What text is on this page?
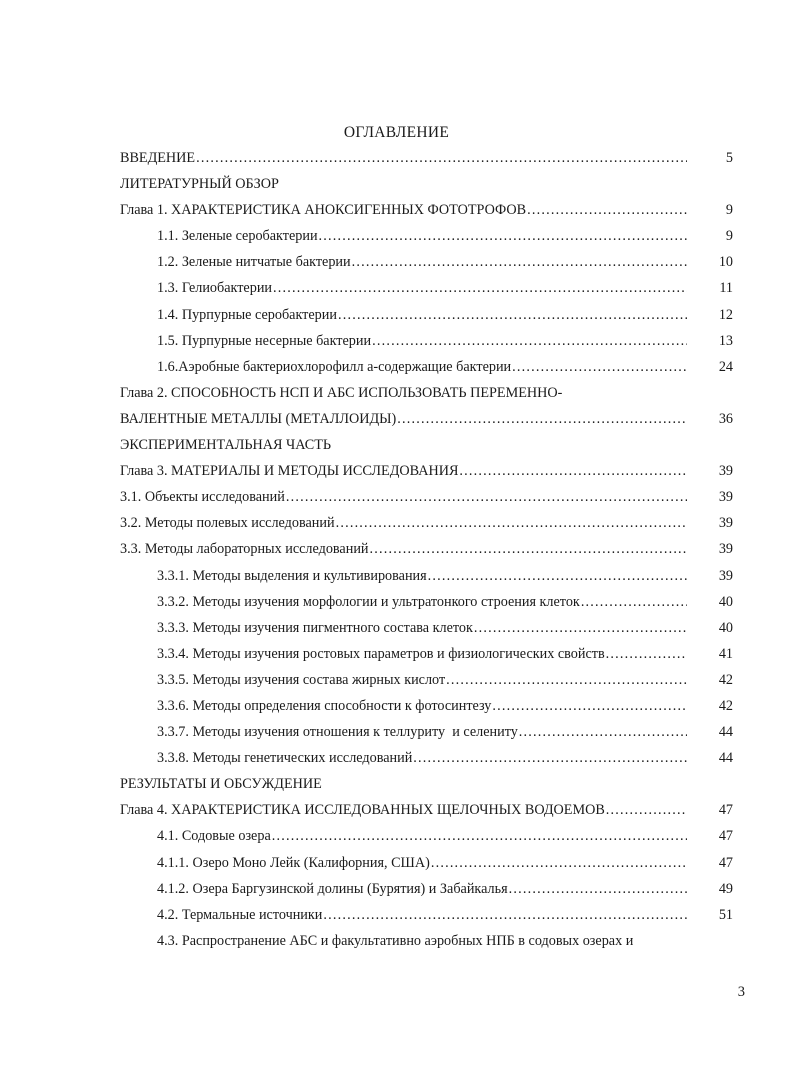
ОГЛАВЛЕНИЕ
ВВЕДЕНИЕ .....	5
ЛИТЕРАТУРНЫЙ ОБЗОР
Глава 1. ХАРАКТЕРИСТИКА АНОКСИГЕННЫХ ФОТОТРОФОВ .....	9
1.1. Зеленые серобактерии .....	9
1.2. Зеленые нитчатые бактерии .....	10
1.3. Гелиобактерии .....	11
1.4. Пурпурные серобактерии .....	12
1.5. Пурпурные несерные бактерии .....	13
1.6.Аэробные бактериохлорофилл а-содержащие бактерии .....	24
Глава 2. СПОСОБНОСТЬ НСП И АБС ИСПОЛЬЗОВАТЬ ПЕРЕМЕННО-
ВАЛЕНТНЫЕ МЕТАЛЛЫ (МЕТАЛЛОИДЫ) .....	36
ЭКСПЕРИМЕНТАЛЬНАЯ ЧАСТЬ
Глава 3. МАТЕРИАЛЫ И МЕТОДЫ ИССЛЕДОВАНИЯ .....	39
3.1. Объекты исследований .....	39
3.2. Методы полевых исследований .....	39
3.3. Методы лабораторных исследований .....	39
3.3.1. Методы выделения и культивирования .....	39
3.3.2. Методы изучения морфологии и ультратонкого строения клеток .....	40
3.3.3. Методы изучения пигментного состава клеток .....	40
3.3.4. Методы изучения ростовых параметров и физиологических свойств .....	41
3.3.5. Методы изучения состава жирных кислот .....	42
3.3.6. Методы определения способности к фотосинтезу .....	42
3.3.7. Методы изучения отношения к теллуриту  и селениту .....	44
3.3.8. Методы генетических исследований .....	44
РЕЗУЛЬТАТЫ И ОБСУЖДЕНИЕ
Глава 4. ХАРАКТЕРИСТИКА ИССЛЕДОВАННЫХ ЩЕЛОЧНЫХ ВОДОЕМОВ .....	47
4.1. Содовые озера .....	47
4.1.1. Озеро Моно Лейк (Калифорния, США) .....	47
4.1.2. Озера Баргузинской долины (Бурятия) и Забайкалья .....	49
4.2. Термальные источники .....	51
4.3. Распространение АБС и факультативно аэробных НПБ в содовых озерах и
3
